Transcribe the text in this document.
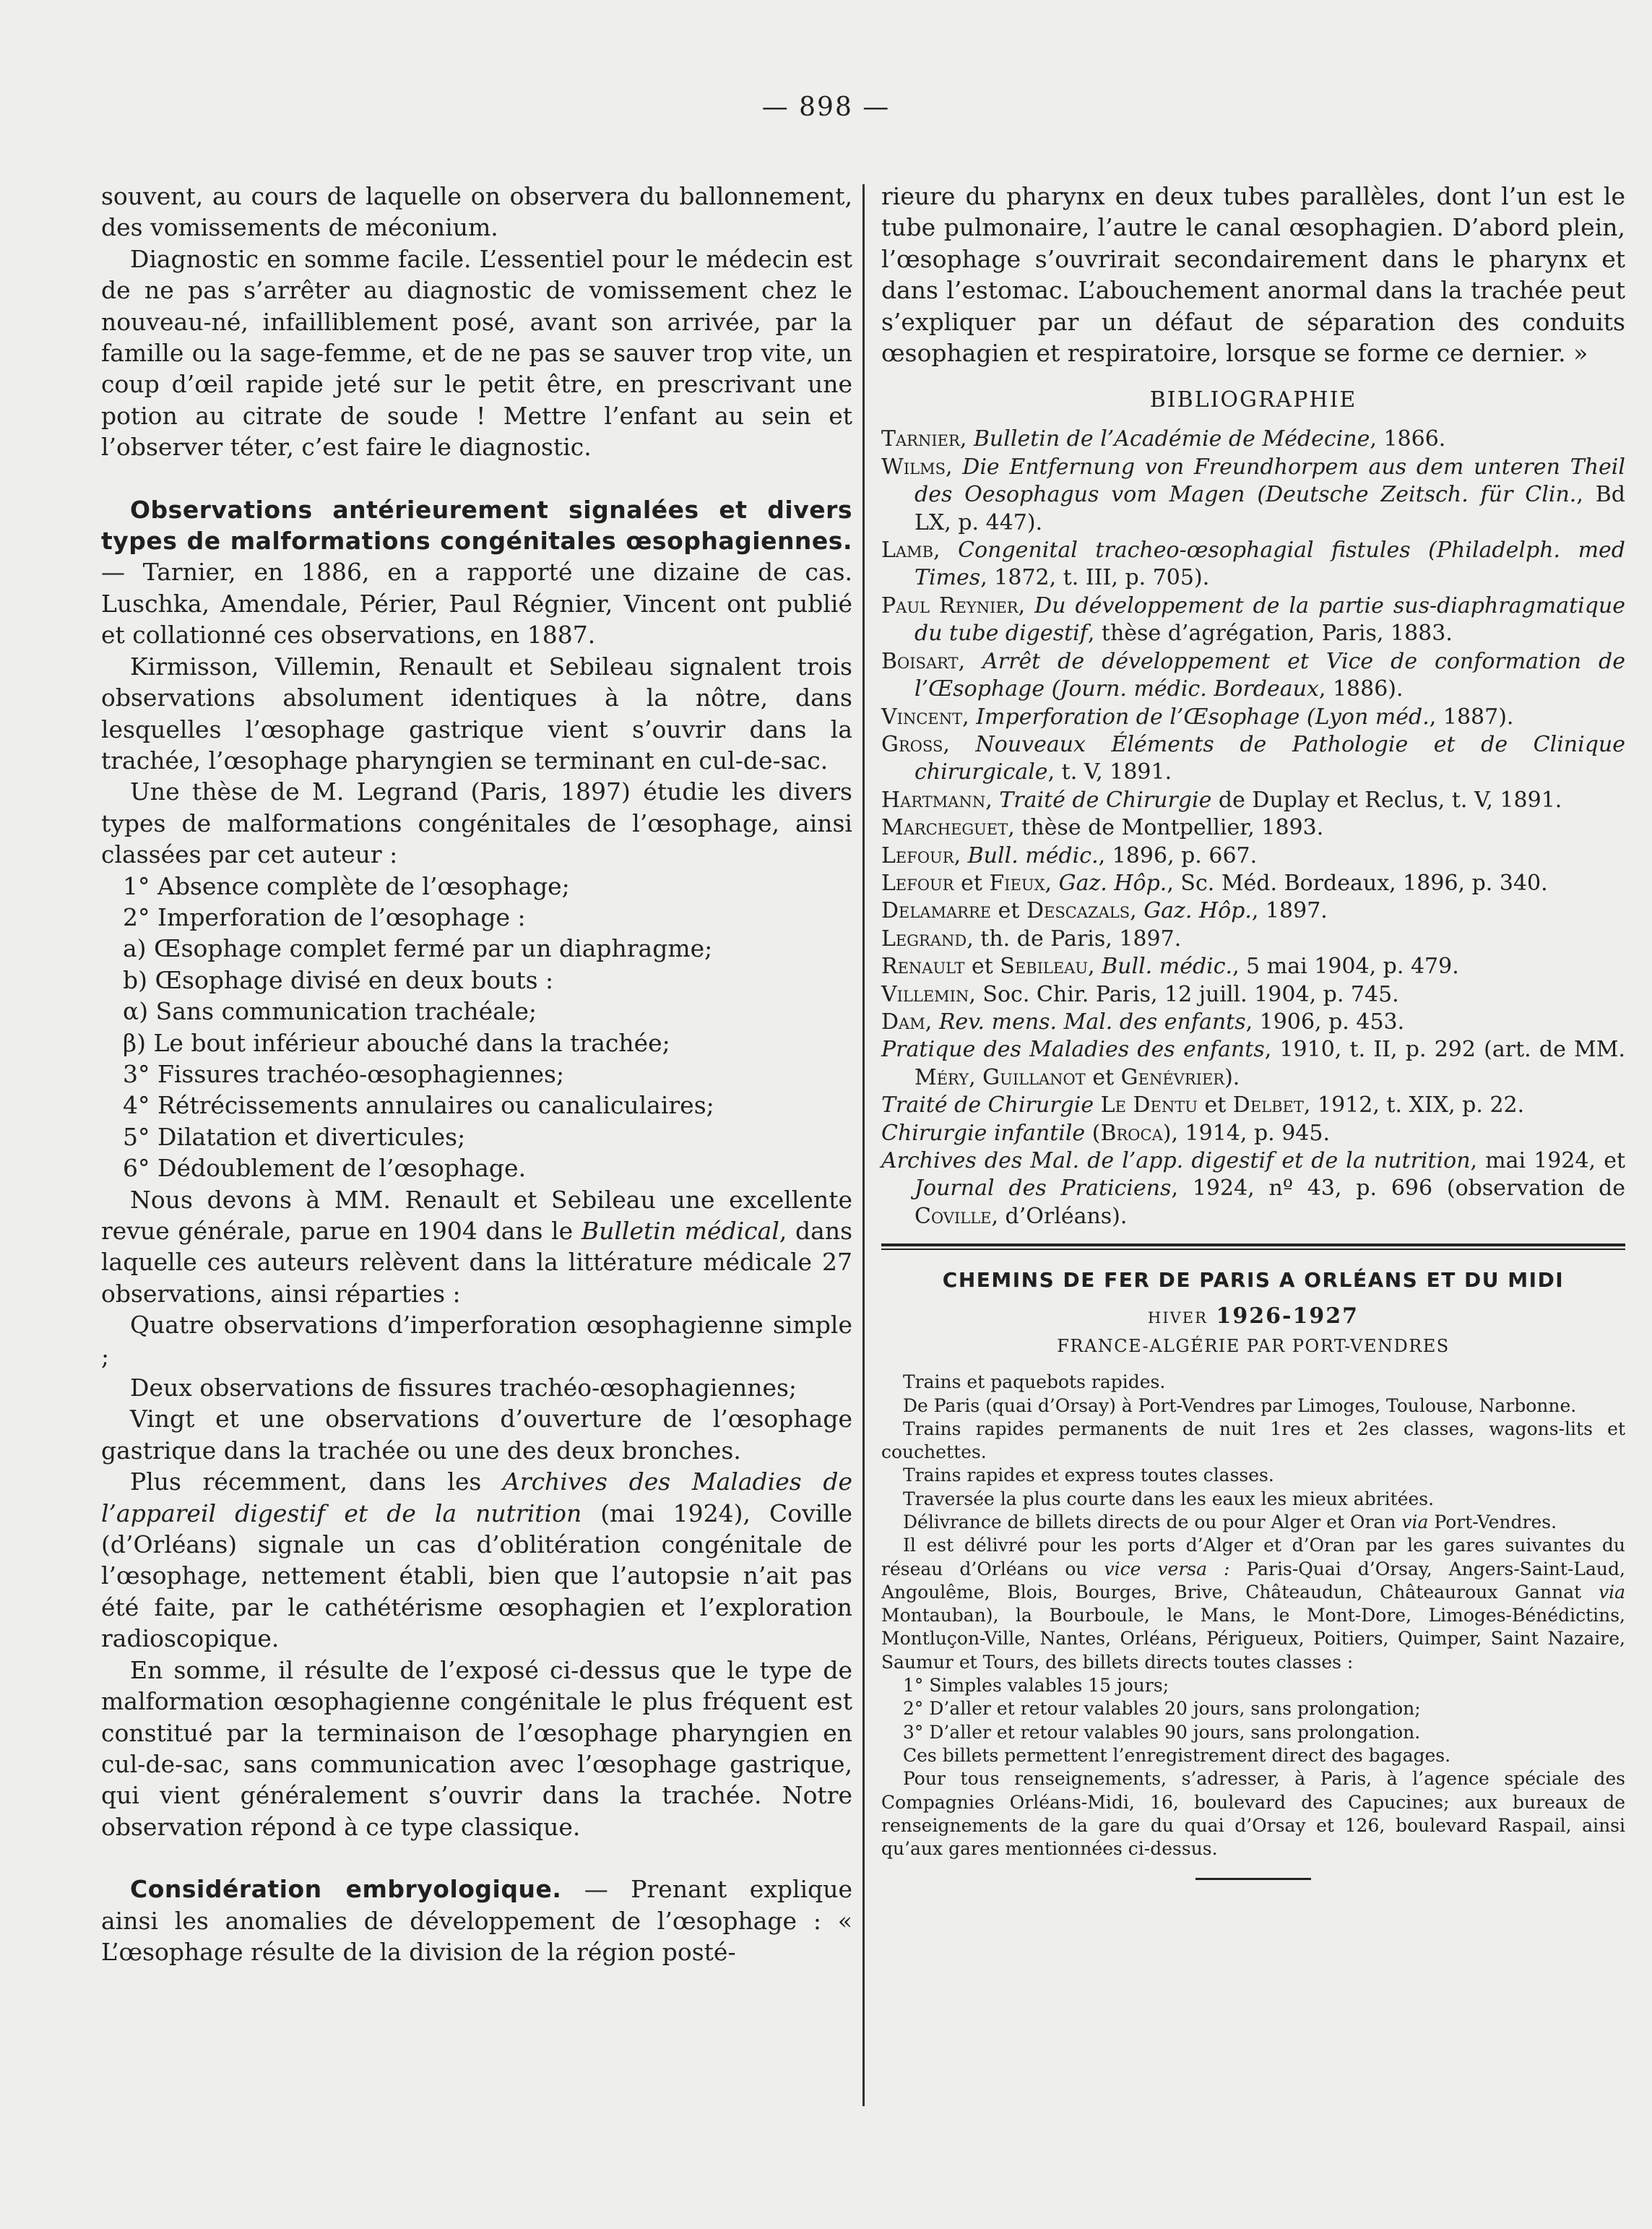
— 898 —

souvent, au cours de laquelle on observera du ballonnement, des vomissements de méconium.

Diagnostic en somme facile. L’essentiel pour le médecin est de ne pas s’arrêter au diagnostic de vomissement chez le nouveau-né, infailliblement posé, avant son arrivée, par la famille ou la sage-femme, et de ne pas se sauver trop vite, un coup d’œil rapide jeté sur le petit être, en prescrivant une potion au citrate de soude ! Mettre l’enfant au sein et l’observer téter, c’est faire le diagnostic.

Observations antérieurement signalées et divers types de malformations congénitales œsophagiennes. — Tarnier, en 1886, en a rapporté une dizaine de cas. Luschka, Amendale, Périer, Paul Régnier, Vincent ont publié et collationné ces observations, en 1887.

Kirmisson, Villemin, Renault et Sebileau signalent trois observations absolument identiques à la nôtre, dans lesquelles l’œsophage gastrique vient s’ouvrir dans la trachée, l’œsophage pharyngien se terminant en cul-de-sac.

Une thèse de M. Legrand (Paris, 1897) étudie les divers types de malformations congénitales de l’œsophage, ainsi classées par cet auteur :

1° Absence complète de l’œsophage;

2° Imperforation de l’œsophage :

a) Œsophage complet fermé par un diaphragme;

b) Œsophage divisé en deux bouts :

α) Sans communication trachéale;

β) Le bout inférieur abouché dans la trachée;

3° Fissures trachéo-œsophagiennes;

4° Rétrécissements annulaires ou canaliculaires;

5° Dilatation et diverticules;

6° Dédoublement de l’œsophage.

Nous devons à MM. Renault et Sebileau une excellente revue générale, parue en 1904 dans le Bulletin médical, dans laquelle ces auteurs relèvent dans la littérature médicale 27 observations, ainsi réparties :

Quatre observations d’imperforation œsophagienne simple ;

Deux observations de fissures trachéo-œsophagiennes;

Vingt et une observations d’ouverture de l’œsophage gastrique dans la trachée ou une des deux bronches.

Plus récemment, dans les Archives des Maladies de l’appareil digestif et de la nutrition (mai 1924), Coville (d’Orléans) signale un cas d’oblitération congénitale de l’œsophage, nettement établi, bien que l’autopsie n’ait pas été faite, par le cathétérisme œsophagien et l’exploration radioscopique.

En somme, il résulte de l’exposé ci-dessus que le type de malformation œsophagienne congénitale le plus fréquent est constitué par la terminaison de l’œsophage pharyngien en cul-de-sac, sans communication avec l’œsophage gastrique, qui vient généralement s’ouvrir dans la trachée. Notre observation répond à ce type classique.

Considération embryologique. — Prenant explique ainsi les anomalies de développement de l’œsophage : « L’œsophage résulte de la division de la région posté-

rieure du pharynx en deux tubes parallèles, dont l’un est le tube pulmonaire, l’autre le canal œsophagien. D’abord plein, l’œsophage s’ouvrirait secondairement dans le pharynx et dans l’estomac. L’abouchement anormal dans la trachée peut s’expliquer par un défaut de séparation des conduits œsophagien et respiratoire, lorsque se forme ce dernier. »

BIBLIOGRAPHIE

Tarnier, Bulletin de l’Académie de Médecine, 1866.

Wilms, Die Entfernung von Freundhorpem aus dem unteren Theil des Oesophagus vom Magen (Deutsche Zeitsch. für Clin., Bd LX, p. 447).

Lamb, Congenital tracheo-œsophagial fistules (Philadelph. med Times, 1872, t. III, p. 705).

Paul Reynier, Du développement de la partie sus-diaphragmatique du tube digestif, thèse d’agrégation, Paris, 1883.

Boisart, Arrêt de développement et Vice de conformation de l’Œsophage (Journ. médic. Bordeaux, 1886).

Vincent, Imperforation de l’Œsophage (Lyon méd., 1887).

Gross, Nouveaux Éléments de Pathologie et de Clinique chirurgicale, t. V, 1891.

Hartmann, Traité de Chirurgie de Duplay et Reclus, t. V, 1891.

Marcheguet, thèse de Montpellier, 1893.

Lefour, Bull. médic., 1896, p. 667.

Lefour et Fieux, Gaz. Hôp., Sc. Méd. Bordeaux, 1896, p. 340.

Delamarre et Descazals, Gaz. Hôp., 1897.

Legrand, th. de Paris, 1897.

Renault et Sebileau, Bull. médic., 5 mai 1904, p. 479.

Villemin, Soc. Chir. Paris, 12 juill. 1904, p. 745.

Dam, Rev. mens. Mal. des enfants, 1906, p. 453.

Pratique des Maladies des enfants, 1910, t. II, p. 292 (art. de MM. Méry, Guillanot et Genévrier).

Traité de Chirurgie Le Dentu et Delbet, 1912, t. XIX, p. 22.

Chirurgie infantile (Broca), 1914, p. 945.

Archives des Mal. de l’app. digestif et de la nutrition, mai 1924, et Journal des Praticiens, 1924, nº 43, p. 696 (observation de Coville, d’Orléans).

CHEMINS DE FER DE PARIS A ORLÉANS ET DU MIDI
hiver 1926-1927
FRANCE-ALGÉRIE PAR PORT-VENDRES

Trains et paquebots rapides.

De Paris (quai d’Orsay) à Port-Vendres par Limoges, Toulouse, Narbonne.

Trains rapides permanents de nuit 1res et 2es classes, wagons-lits et couchettes.

Trains rapides et express toutes classes.

Traversée la plus courte dans les eaux les mieux abritées.

Délivrance de billets directs de ou pour Alger et Oran via Port-Vendres.

Il est délivré pour les ports d’Alger et d’Oran par les gares suivantes du réseau d’Orléans ou vice versa : Paris-Quai d’Orsay, Angers-Saint-Laud, Angoulême, Blois, Bourges, Brive, Châteaudun, Châteauroux Gannat via Montauban), la Bourboule, le Mans, le Mont-Dore, Limoges-Bénédictins, Montluçon-Ville, Nantes, Orléans, Périgueux, Poitiers, Quimper, Saint Nazaire, Saumur et Tours, des billets directs toutes classes :

1° Simples valables 15 jours;

2° D’aller et retour valables 20 jours, sans prolongation;

3° D’aller et retour valables 90 jours, sans prolongation.

Ces billets permettent l’enregistrement direct des bagages.

Pour tous renseignements, s’adresser, à Paris, à l’agence spéciale des Compagnies Orléans-Midi, 16, boulevard des Capucines; aux bureaux de renseignements de la gare du quai d’Orsay et 126, boulevard Raspail, ainsi qu’aux gares mentionnées ci-dessus.
